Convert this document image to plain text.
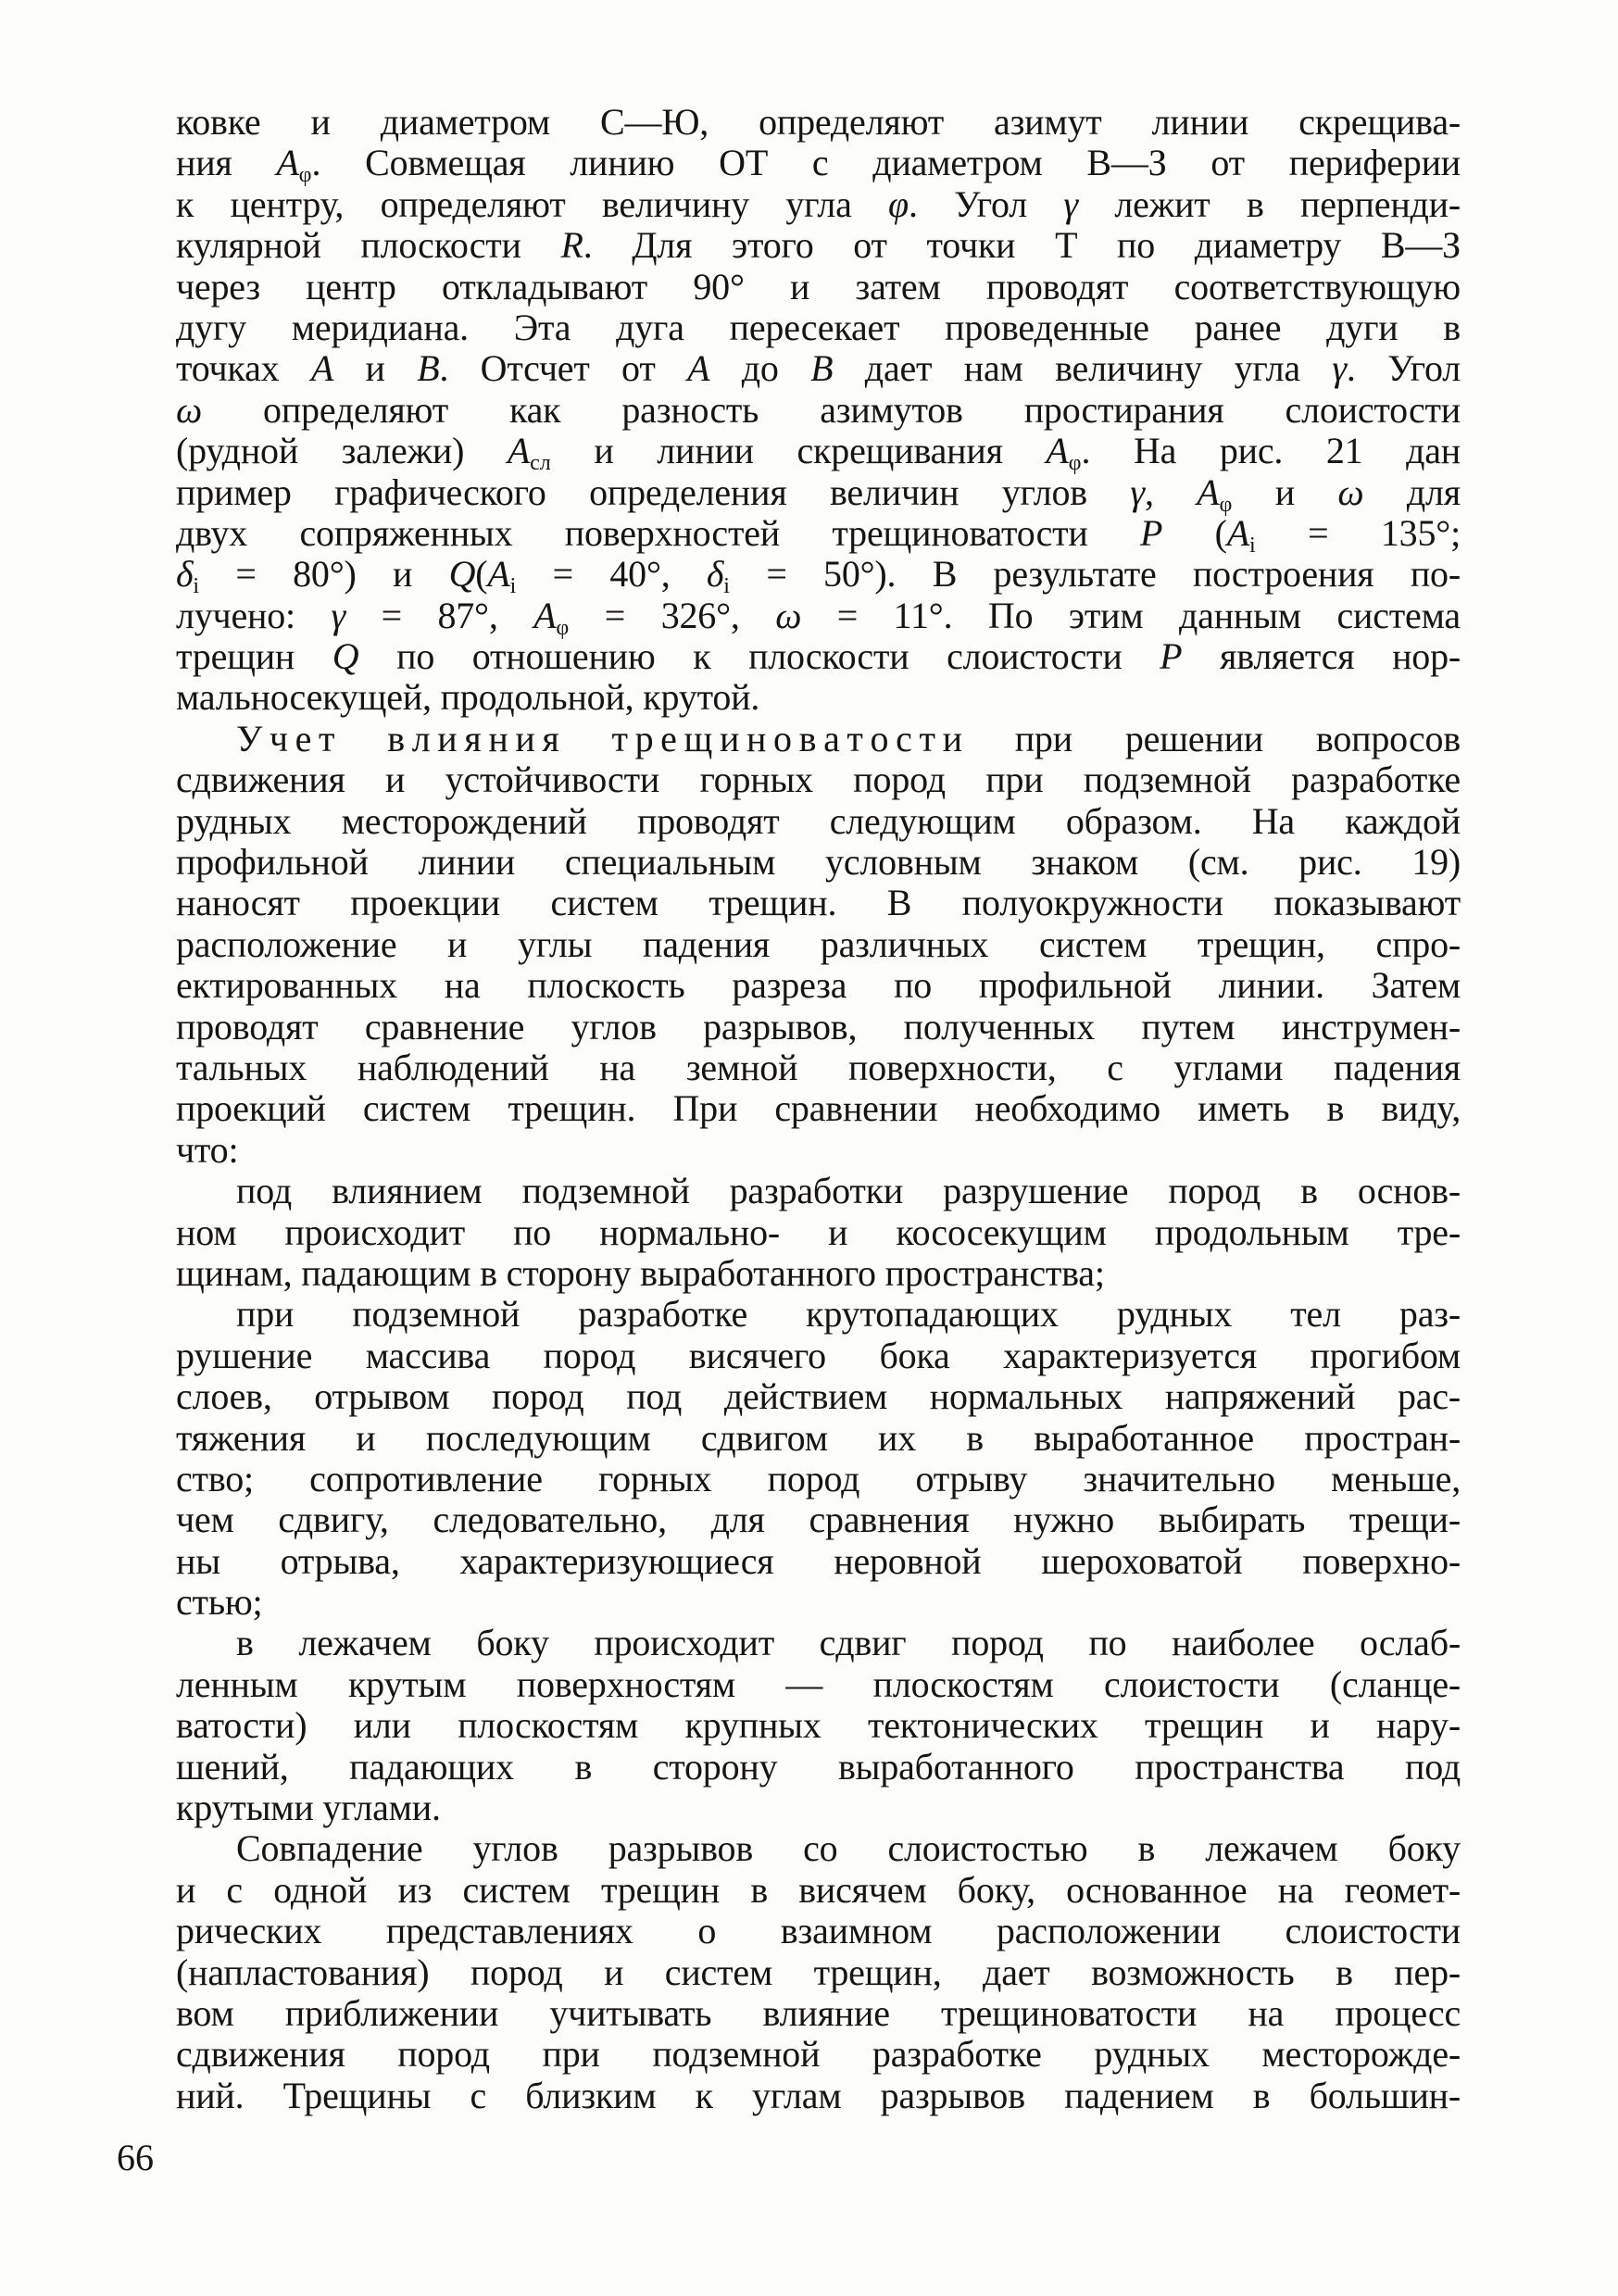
ковке и диаметром С—Ю, определяют азимут линии скрещива-
ния $А_\varphi$. Совмещая линию ОТ с диаметром В—З от периферии
к центру, определяют величину угла φ. Угол γ лежит в перпенди-
кулярной плоскости R. Для этого от точки Т по диаметру В—З
через центр откладывают 90° и затем проводят соответствующую
дугу меридиана. Эта дуга пересекает проведенные ранее дуги в
точках А и В. Отсчет от А до В дает нам величину угла γ. Угол
ω определяют как разность азимутов простирания слоистости
(рудной залежи) $А_{сл}$ и линии скрещивания $А_\varphi$. На рис. 21 дан
пример графического определения величин углов γ, $А_\varphi$ и ω для
двух сопряженных поверхностей трещиноватости Р ($А_i = 135^\circ$;
$\delta_i = 80^\circ$) и $Q(А_i = 40^\circ$, $\delta_i = 50^\circ$). В результате построения по-
лучено: γ = 87°, $А_\varphi = 326^\circ$, ω = 11°. По этим данным система
трещин Q по отношению к плоскости слоистости Р является нор-
мальносекущей, продольной, крутой.
У ч е т в л и я н и я т р е щ и н о в а т о с т и при решении вопросов
сдвижения и устойчивости горных пород при подземной разработке
рудных месторождений проводят следующим образом. На каждой
профильной линии специальным условным знаком (см. рис. 19)
наносят проекции систем трещин. В полуокружности показывают
расположение и углы падения различных систем трещин, спро-
ектированных на плоскость разреза по профильной линии. Затем
проводят сравнение углов разрывов, полученных путем инструмен-
тальных наблюдений на земной поверхности, с углами падения
проекций систем трещин. При сравнении необходимо иметь в виду,
что:
под влиянием подземной разработки разрушение пород в основ-
ном происходит по нормально- и кососекущим продольным тре-
щинам, падающим в сторону выработанного пространства;
при подземной разработке крутопадающих рудных тел раз-
рушение массива пород висячего бока характеризуется прогибом
слоев, отрывом пород под действием нормальных напряжений рас-
тяжения и последующим сдвигом их в выработанное простран-
ство; сопротивление горных пород отрыву значительно меньше,
чем сдвигу, следовательно, для сравнения нужно выбирать трещи-
ны отрыва, характеризующиеся неровной шероховатой поверхно-
стью;
в лежачем боку происходит сдвиг пород по наиболее ослаб-
ленным крутым поверхностям — плоскостям слоистости (сланце-
ватости) или плоскостям крупных тектонических трещин и нару-
шений, падающих в сторону выработанного пространства под
крутыми углами.
Совпадение углов разрывов со слоистостью в лежачем боку
и с одной из систем трещин в висячем боку, основанное на геомет-
рических представлениях о взаимном расположении слоистости
(напластования) пород и систем трещин, дает возможность в пер-
вом приближении учитывать влияние трещиноватости на процесс
сдвижения пород при подземной разработке рудных месторожде-
ний. Трещины с близким к углам разрывов падением в большин-
66
